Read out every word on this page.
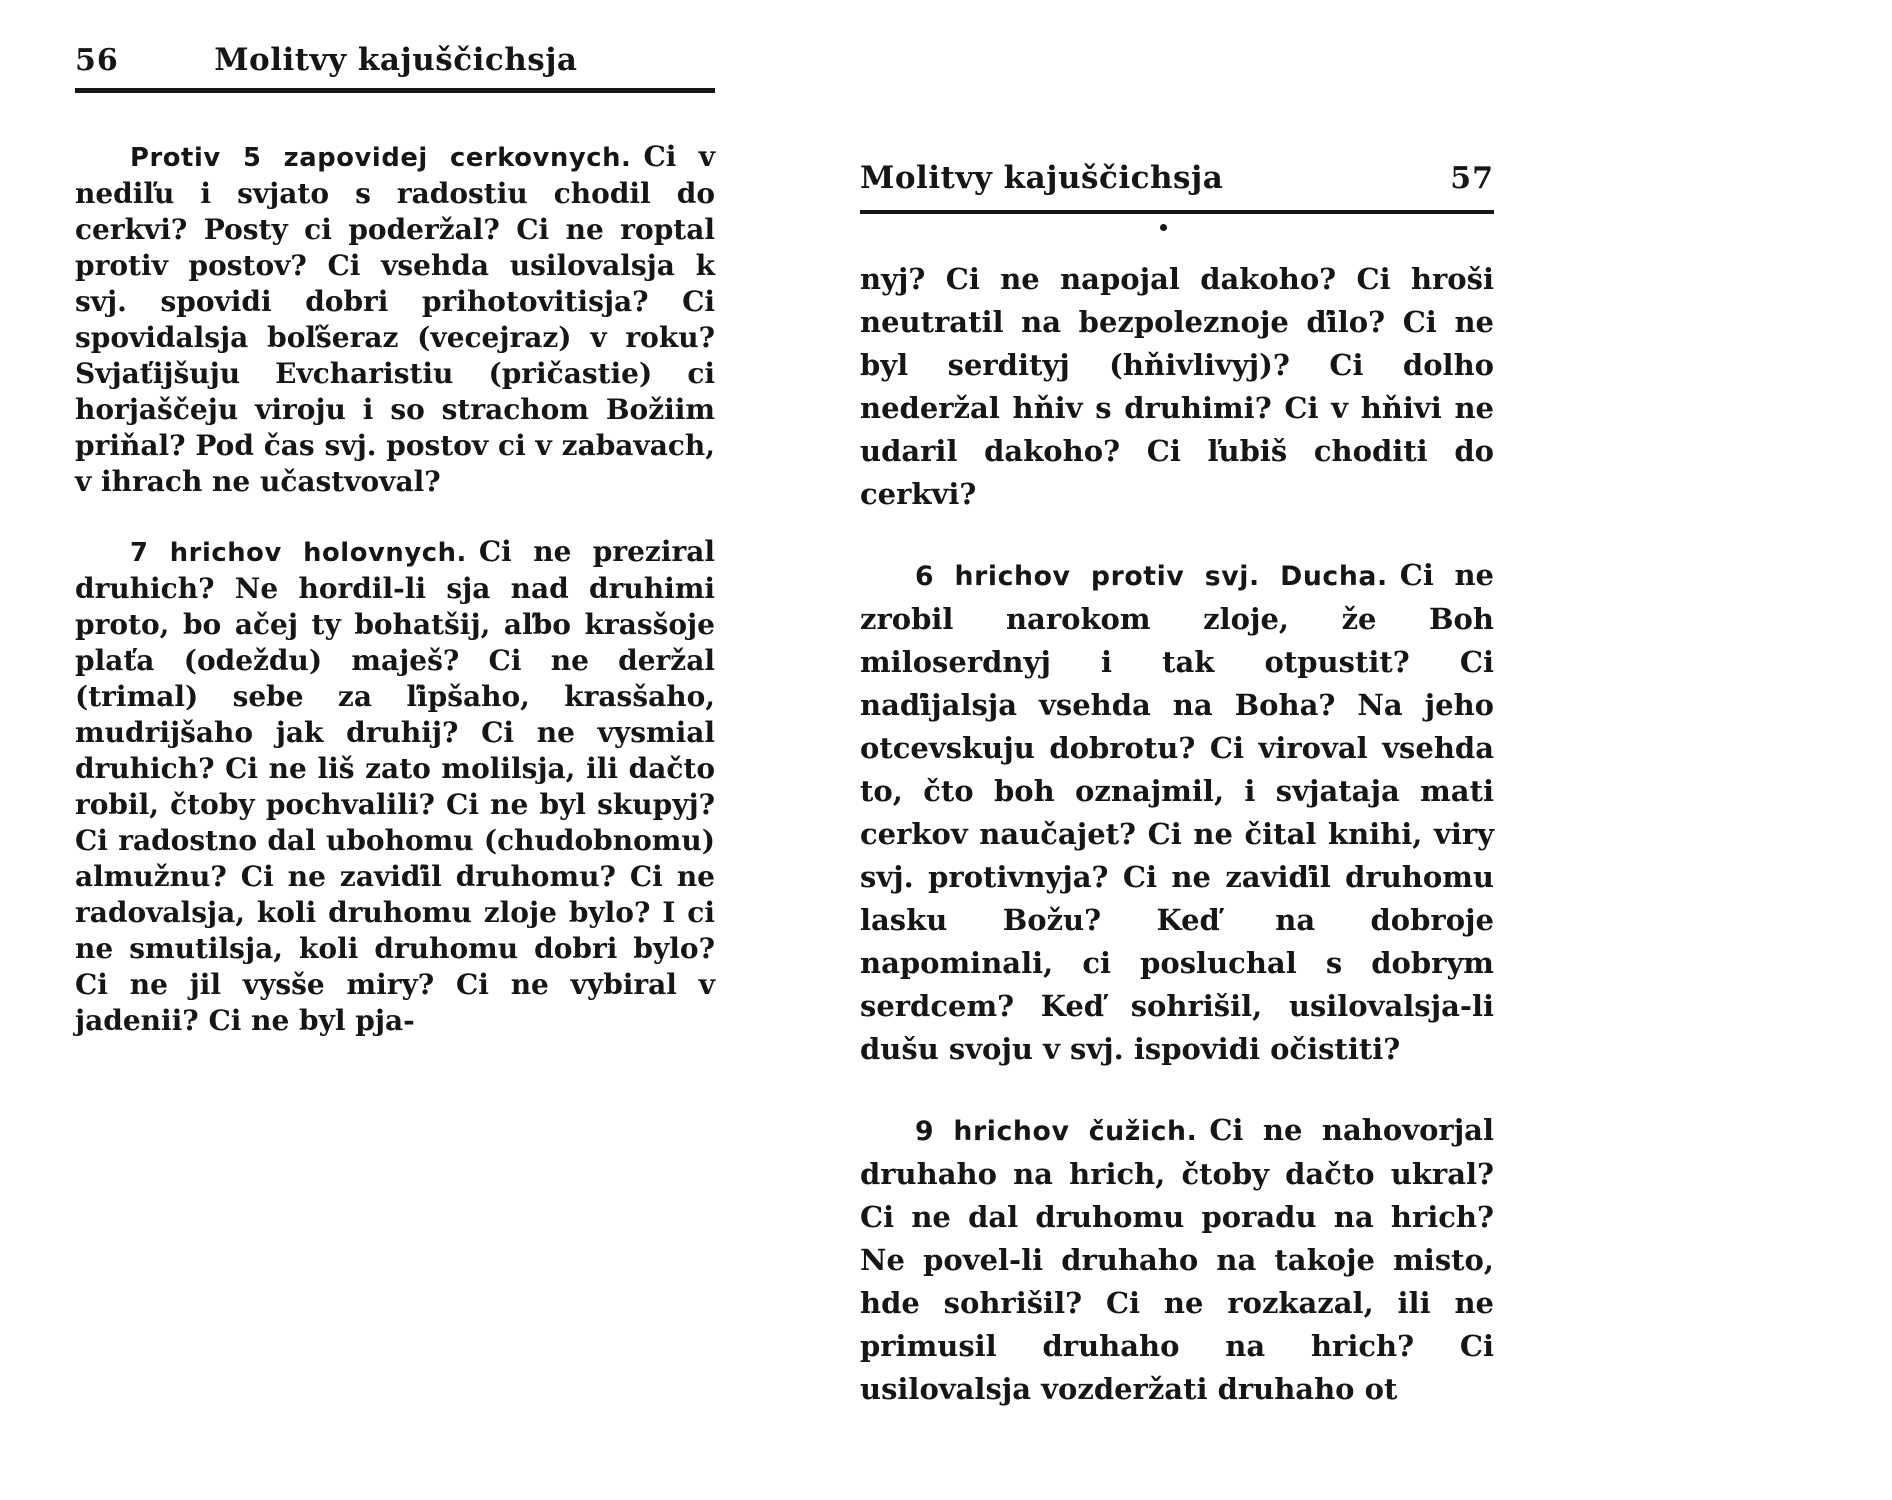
56	Molitvy kajuščichsja

Protiv 5 zapovidej cerkovnych. Ci v nediľu i svjato s radostiu chodil do cerkvi? Posty ci poderžal? Ci ne roptal protiv postov? Ci vsehda usilovalsja k svj. spovidi dobri prihotovitisja? Ci spovidalsja boľšeraz (vecejraz) v roku? Svjaťijšuju Evcharistiu (pričastie) ci horjaščeju viroju i so strachom Božiim priňal? Pod čas svj. postov ci v zabavach, v ihrach ne učastvoval?

7 hrichov holovnych. Ci ne preziral druhich? Ne hordil-li sja nad druhimi proto, bo ačej ty bohatšij, aľbo krasšoje plaťa (odeždu) maješ? Ci ne deržal (trimal) sebe za ľipšaho, krasšaho, mudrijšaho jak druhij? Ci ne vysmial druhich? Ci ne liš zato molilsja, ili dačto robil, čtoby pochvalili? Ci ne byl skupyj? Ci radostno dal ubohomu (chudobnomu) almužnu? Ci ne zaviďil druhomu? Ci ne radovalsja, koli druhomu zloje bylo? I ci ne smutilsja, koli druhomu dobri bylo? Ci ne jil vysše miry? Ci ne vybiral v jadenii? Ci ne byl pja-

Molitvy kajuščichsja	57

nyj? Ci ne napojal dakoho? Ci hroši neutratil na bezpoleznoje ďilo? Ci ne byl serdityj (hňivlivyj)? Ci dolho nederžal hňiv s druhimi? Ci v hňivi ne udaril dakoho? Ci ľubiš choditi do cerkvi?

6 hrichov protiv svj. Ducha. Ci ne zrobil narokom zloje, že Boh miloserdnyj i tak otpustit? Ci naďijalsja vsehda na Boha? Na jeho otcevskuju dobrotu? Ci viroval vsehda to, čto boh oznajmil, i svjataja mati cerkov naučajet? Ci ne čital knihi, viry svj. protivnyja? Ci ne zaviďil druhomu lasku Božu? Keď na dobroje napominali, ci posluchal s dobrym serdcem? Keď sohrišil, usilovalsja-li dušu svoju v svj. ispovidi očistiti?

9 hrichov čužich. Ci ne nahovorjal druhaho na hrich, čtoby dačto ukral? Ci ne dal druhomu poradu na hrich? Ne povel-li druhaho na takoje misto, hde sohrišil? Ci ne rozkazal, ili ne primusil druhaho na hrich? Ci usilovalsja vozderžati druhaho ot
